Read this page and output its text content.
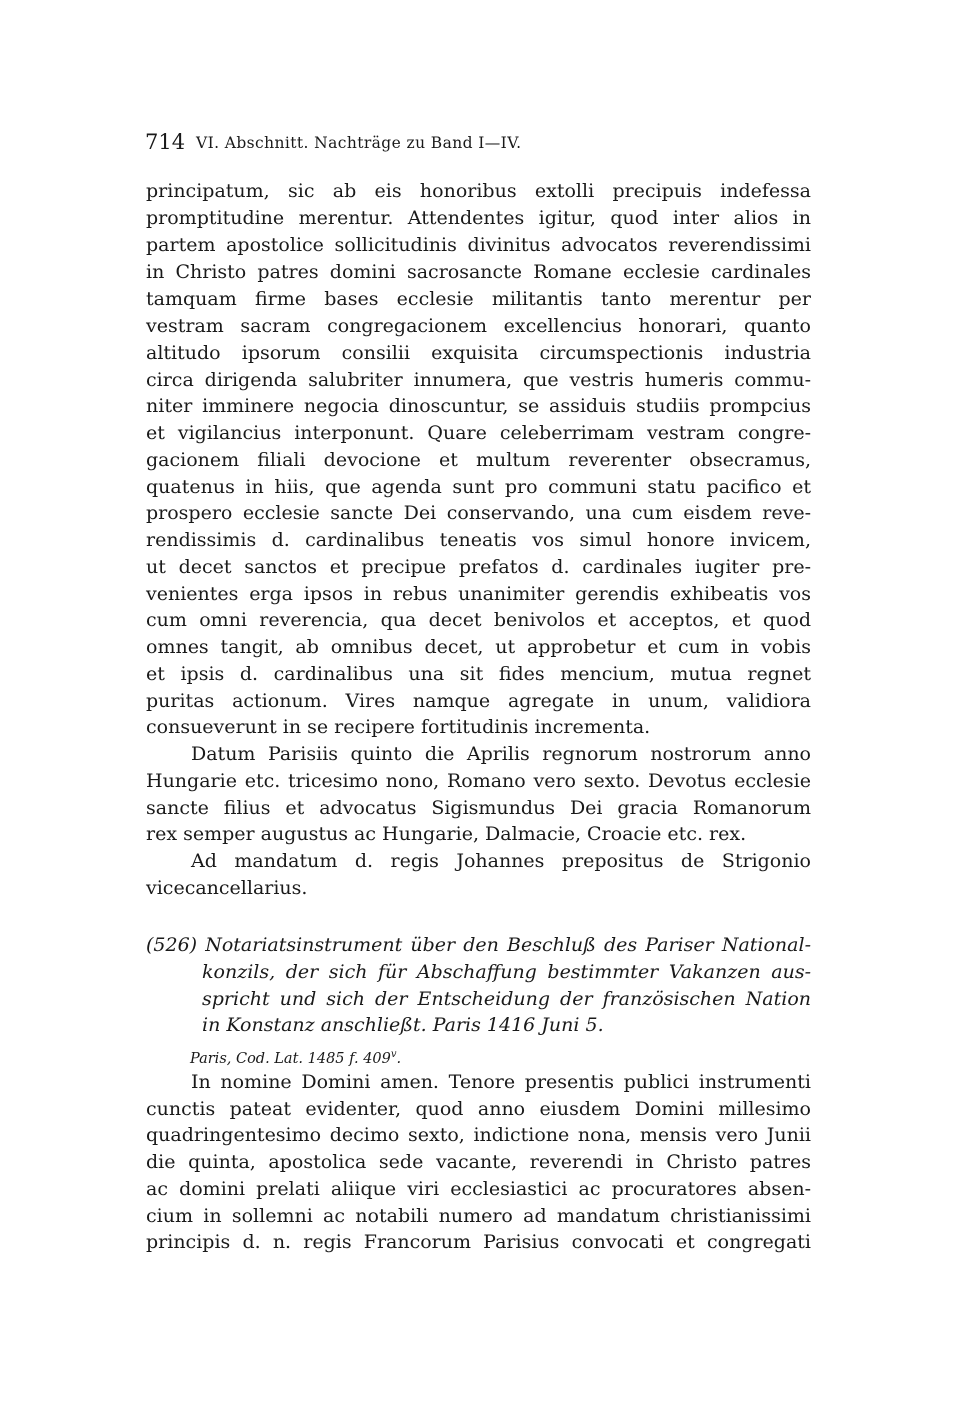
714 VI. Abschnitt. Nachträge zu Band I—IV.
principatum, sic ab eis honoribus extolli precipuis indefessa
promptitudine merentur. Attendentes igitur, quod inter alios in
partem apostolice sollicitudinis divinitus advocatos reverendissimi
in Christo patres domini sacrosancte Romane ecclesie cardinales
tamquam firme bases ecclesie militantis tanto merentur per
vestram sacram congregacionem excellencius honorari, quanto
altitudo ipsorum consilii exquisita circumspectionis industria
circa dirigenda salubriter innumera, que vestris humeris commu-
niter imminere negocia dinoscuntur, se assiduis studiis prompcius
et vigilancius interponunt. Quare celeberrimam vestram congre-
gacionem filiali devocione et multum reverenter obsecramus,
quatenus in hiis, que agenda sunt pro communi statu pacifico et
prospero ecclesie sancte Dei conservando, una cum eisdem reve-
rendissimis d. cardinalibus teneatis vos simul honore invicem,
ut decet sanctos et precipue prefatos d. cardinales iugiter pre-
venientes erga ipsos in rebus unanimiter gerendis exhibeatis vos
cum omni reverencia, qua decet benivolos et acceptos, et quod
omnes tangit, ab omnibus decet, ut approbetur et cum in vobis
et ipsis d. cardinalibus una sit fides mencium, mutua regnet
puritas actionum. Vires namque agregate in unum, validiora
consueverunt in se recipere fortitudinis incrementa.
Datum Parisiis quinto die Aprilis regnorum nostrorum anno
Hungarie etc. tricesimo nono, Romano vero sexto. Devotus ecclesie
sancte filius et advocatus Sigismundus Dei gracia Romanorum
rex semper augustus ac Hungarie, Dalmacie, Croacie etc. rex.
Ad mandatum d. regis Johannes prepositus de Strigonio
vicecancellarius.
(526) Notariatsinstrument über den Beschluß des Pariser National-
konzils, der sich für Abschaffung bestimmter Vakanzen aus-
spricht und sich der Entscheidung der französischen Nation
in Konstanz anschließt. Paris 1416 Juni 5.
Paris, Cod. Lat. 1485 f. 409$^v$.
In nomine Domini amen. Tenore presentis publici instrumenti
cunctis pateat evidenter, quod anno eiusdem Domini millesimo
quadringentesimo decimo sexto, indictione nona, mensis vero Junii
die quinta, apostolica sede vacante, reverendi in Christo patres
ac domini prelati aliique viri ecclesiastici ac procuratores absen-
cium in sollemni ac notabili numero ad mandatum christianissimi
principis d. n. regis Francorum Parisius convocati et congregati
